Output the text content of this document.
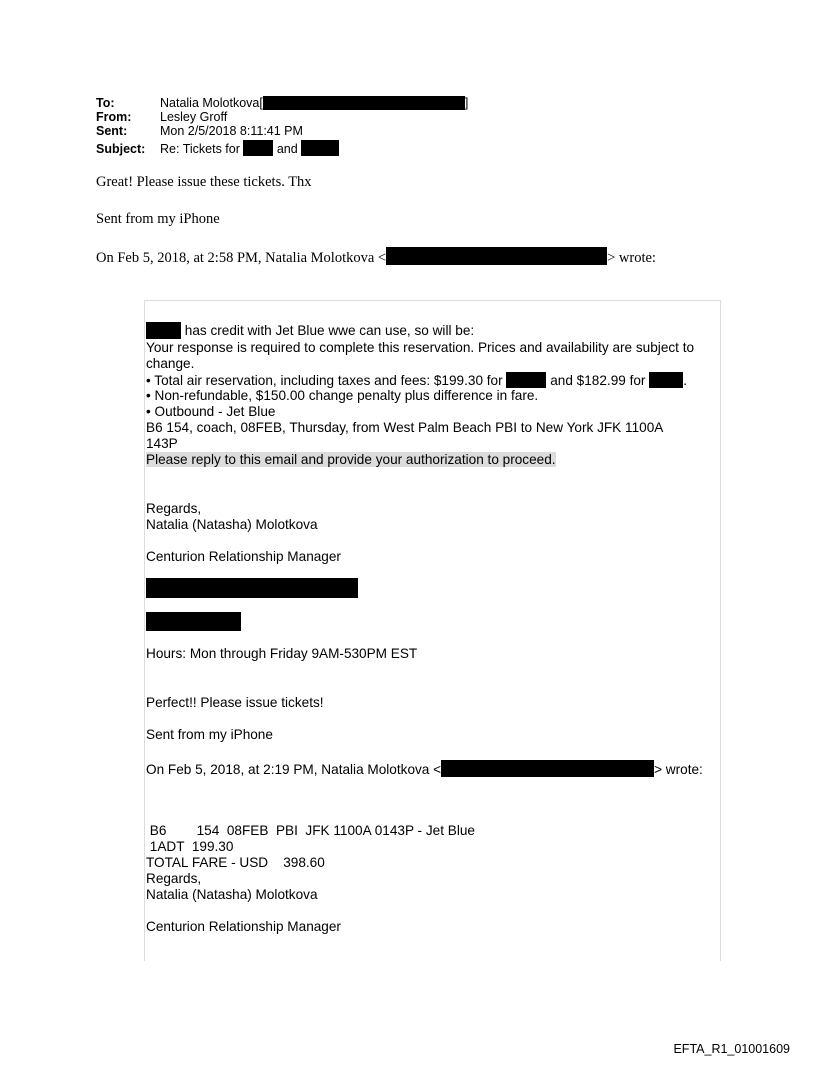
To:	Natalia Molotkova[	]
From: Lesley Groff
Sent:	Mon 2/5/2018 8:11:41 PM
Subject: Re: Tickets for	and
Great! Please issue these tickets. Thx
Sent from my iPhone
On Feb 5, 2018, at 2:58 PM, Natalia Molotkova <	> wrote:
has credit with Jet Blue wwe can use, so will be:
Your response is required to complete this reservation. Prices and availability are subject to
change.
• Total air reservation, including taxes and fees: $199.30 for	and $182.99 for	.
• Non-refundable, $150.00 change penalty plus difference in fare.
• Outbound - Jet Blue
B6 154, coach, 08FEB, Thursday, from West Palm Beach PBI to New York JFK 1100A
143P
Please reply to this email and provide your authorization to proceed.
Regards,
Natalia (Natasha) Molotkova
Centurion Relationship Manager
Hours: Mon through Friday 9AM-530PM EST
Perfect!! Please issue tickets!
Sent from my iPhone
On Feb 5, 2018, at 2:19 PM, Natalia Molotkova <	> wrote:
B6        154  08FEB  PBI  JFK 1100A 0143P - Jet Blue
1ADT  199.30
TOTAL FARE - USD    398.60
Regards,
Natalia (Natasha) Molotkova
Centurion Relationship Manager
EFTA_R1_01001609
